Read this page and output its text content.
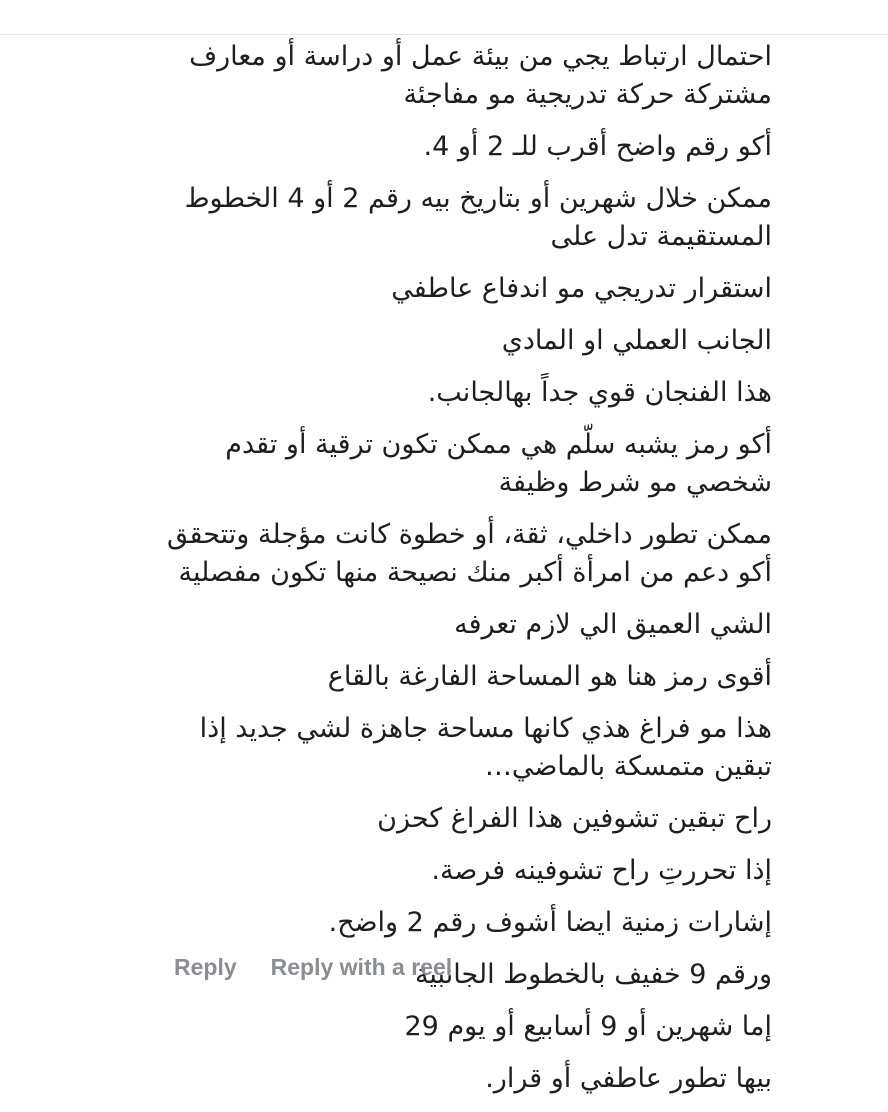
احتمال ارتباط يجي من بيئة عمل أو دراسة أو معارف
مشتركة حركة تدريجية مو مفاجئة
أكو رقم واضح أقرب للـ 2 أو 4.
ممكن خلال شهرين أو بتاريخ بيه رقم 2 أو 4 الخطوط
المستقيمة تدل على
استقرار تدريجي مو اندفاع عاطفي
الجانب العملي او المادي
هذا الفنجان قوي جداً بهالجانب.
أكو رمز يشبه سلّم هي ممكن تكون ترقية أو تقدم
شخصي مو شرط وظيفة
ممكن تطور داخلي، ثقة، أو خطوة كانت مؤجلة وتتحقق
أكو دعم من امرأة أكبر منك نصيحة منها تكون مفصلية
الشي العميق الي لازم تعرفه
أقوى رمز هنا هو المساحة الفارغة بالقاع
هذا مو فراغ هذي كانها مساحة جاهزة لشي جديد إذا
تبقين متمسكة بالماضي…
راح تبقين تشوفين هذا الفراغ كحزن
إذا تحررتِ راح تشوفينه فرصة.
إشارات زمنية ايضا أشوف رقم 2 واضح.
ورقم 9 خفيف بالخطوط الجانبية
إما شهرين أو 9 أسابيع أو يوم 29
بيها تطور عاطفي أو قرار.
Reply Reply with a reel
